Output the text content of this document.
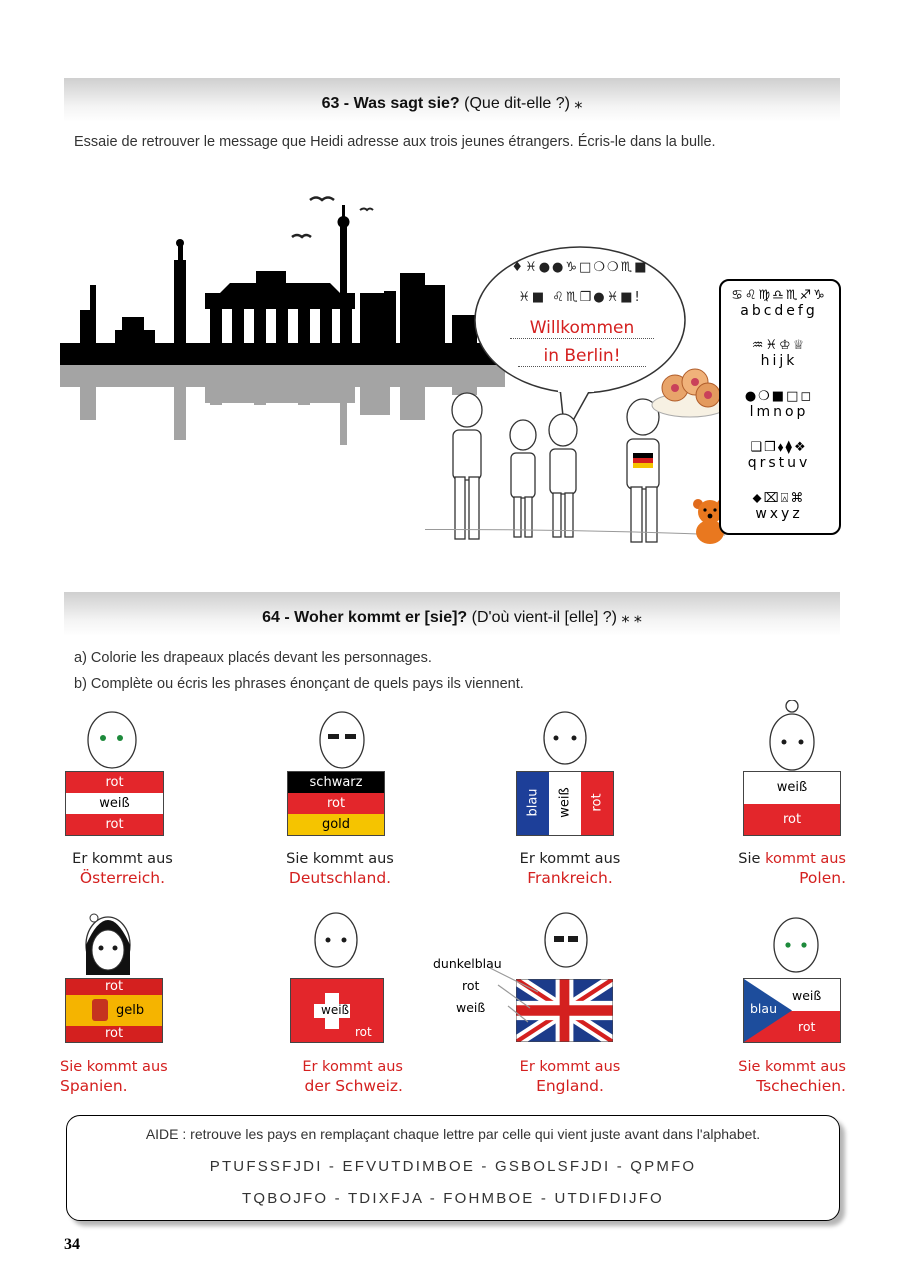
63 - Was sagt sie? (Que dit-elle ?) ⁎
Essaie de retrouver le message que Heidi adresse aux trois jeunes étrangers. Écris-le dans la bulle.
♦♓●●♑□❍❍♏■
♓■ ♌♏❒●♓■!
Willkommen
in Berlin!
♋♌♍♎♏♐♑
abcdefg
♒♓♔♕
hijk
●❍■□◻
lmnop
❑❒⬧⧫❖
qrstuv
⬥⌧⍓⌘
wxyz
64 - Woher kommt er [sie]? (D'où vient-il [elle] ?) ⁎ ⁎
a) Colorie les drapeaux placés devant les personnages.
b) Complète ou écris les phrases énonçant de quels pays ils viennent.
rot
weiß
rot
schwarz
rot
gold
blau weiß rot
weiß
rot
Er kommt aus
Österreich.
Sie kommt aus
Deutschland.
Er kommt aus
Frankreich.
Sie kommt aus
Polen.
rot
gelb
rot
weiß
rot
dunkelblau
rot
weiß
weiß
blau
rot
Sie kommt aus
Spanien.
Er kommt aus
der Schweiz.
Er kommt aus
England.
Sie kommt aus
Tschechien.
AIDE : retrouve les pays en remplaçant chaque lettre par celle qui vient juste avant dans l'alphabet.
PTUFSSFJDI - EFVUTDIMBOE - GSBOLSFJDI - QPMFO
TQBOJFO - TDIXFJA - FOHMBOE - UTDIFDIJFO
34
